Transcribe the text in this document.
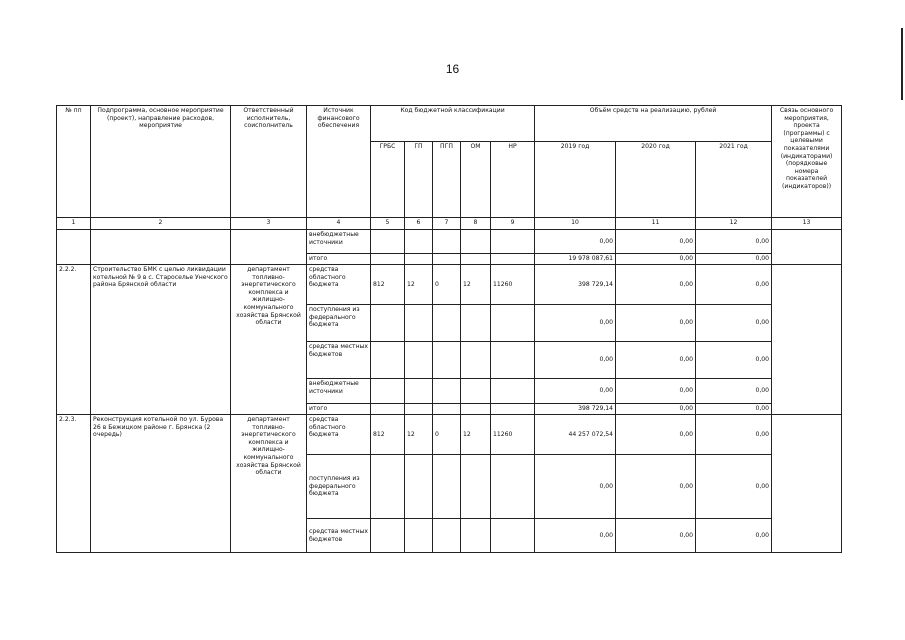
16
№ пп	Подпрограмма, основное мероприятие (проект), направление расходов, мероприятие	Ответственный исполнитель, соисполнитель	Источник финансового обеспечения	Код бюджетной классификации					Объём средств на реализацию, рублей			Связь основного мероприятия, проекта (программы) с целевыми показателями (индикаторами) (порядковые номера показателей (индикаторов))
				ГРБС	ГП	ПГП	ОМ	НР	2019 год	2020 год	2021 год	
1	2	3	4	5	6	7	8	9	10	11	12	13
			внебюджетные источники						0,00	0,00	0,00	
			итого						19 978 087,61	0,00	0,00	
2.2.2.	Строительство БМК с целью ликвидации котельной № 9 в с. Староселье Унечского района Брянской области	департамент топливно-энергетического комплекса и жилищно-коммунального хозяйства Брянской области	средства областного бюджета	812	12	0	12	11260	398 729,14	0,00	0,00	
			поступления из федерального бюджета						0,00	0,00	0,00	
			средства местных бюджетов						0,00	0,00	0,00	
			внебюджетные источники						0,00	0,00	0,00	
			итого						398 729,14	0,00	0,00	
2.2.3.	Реконструкция котельной по ул. Бурова 26 в Бежицком районе г. Брянска (2 очередь)	департамент топливно-энергетического комплекса и жилищно-коммунального хозяйства Брянской области	средства областного бюджета	812	12	0	12	11260	44 257 072,54	0,00	0,00	
			поступления из федерального бюджета						0,00	0,00	0,00	
			средства местных бюджетов						0,00	0,00	0,00	
